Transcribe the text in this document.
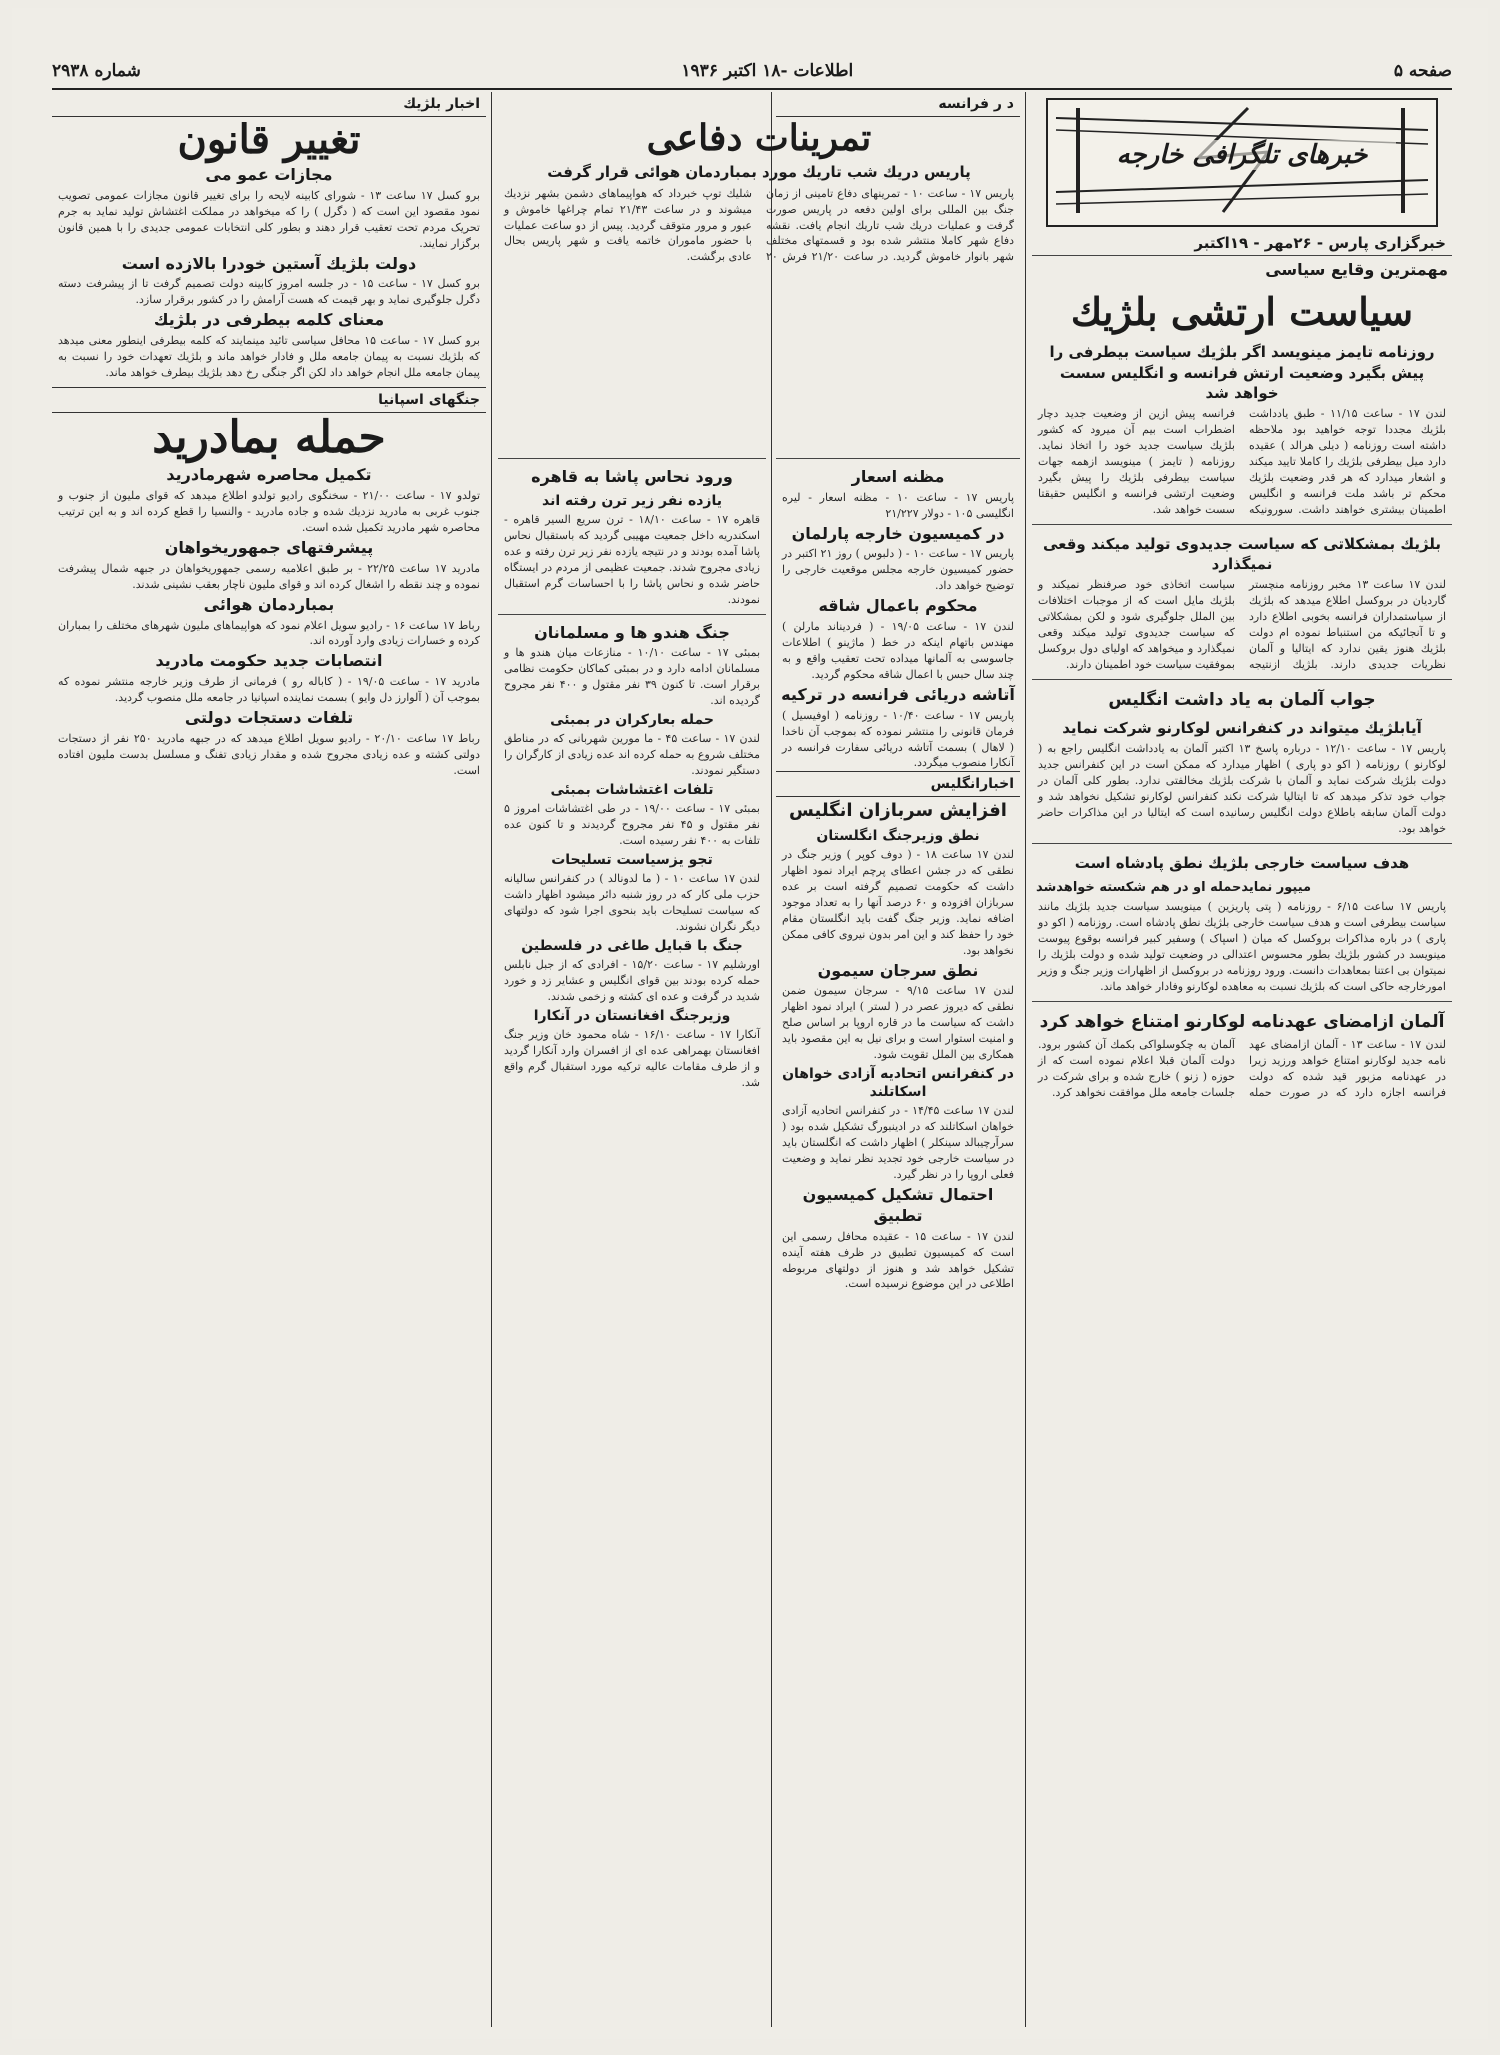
صفحه ۵
اطلاعات -۱۸ اکتبر ۱۹۳۶
شماره ۲۹۳۸
خبرهای تلگرافی خارجه
خبرگزاری پارس - ۲۶مهر - ۱۹اکتبر
مهمترین وقایع سیاسی
سیاست ارتشی بلژیك
روزنامه تایمز مینویسد اگر بلژیك سیاست بیطرفی را پیش بگیرد وضعیت ارتش فرانسه و انگلیس سست خواهد شد
لندن ۱۷ - ساعت ۱۱/۱۵ - طبق یادداشت بلژیك مجددا توجه خواهید بود ملاحظه داشته است روزنامه ( دیلی هرالد ) عقیده دارد میل بیطرفی بلژیك را کاملا تایید میکند و اشعار میدارد که هر قدر وضعیت بلژیك محکم تر باشد ملت فرانسه و انگلیس اطمینان بیشتری خواهند داشت. سورونیکه فرانسه پیش ازین از وضعیت جدید دچار اضطراب است بیم آن میرود که کشور بلژیك سیاست جدید خود را اتخاذ نماید. روزنامه ( تایمز ) مینویسد ازهمه جهات سیاست بیطرفی بلژیك را پیش بگیرد وضعیت ارتشی فرانسه و انگلیس حقیقتا سست خواهد شد.
بلژیك بمشکلاتی که سیاست جدیدوی تولید میکند وقعی نمیگذارد
لندن ۱۷ ساعت ۱۳ مخبر روزنامه منچستر گاردیان در بروکسل اطلاع میدهد که بلژیك از سیاستمداران فرانسه بخوبی اطلاع دارد و تا آنجائیکه من استنباط نموده ام دولت بلژیك هنوز یقین ندارد که ایتالیا و آلمان نظریات جدیدی دارند. بلژیك ازنتیجه سیاست اتخاذی خود صرفنظر نمیکند و بلژیك مایل است که از موجبات اختلافات بین الملل جلوگیری شود و لکن بمشکلاتی که سیاست جدیدوی تولید میکند وقعی نمیگذارد و میخواهد که اولیای دول بروکسل بموفقیت سیاست خود اطمینان دارند.
جواب آلمان به یاد داشت انگلیس
آیابلژیك میتواند در کنفرانس لوکارنو شرکت نماید
پاریس ۱۷ - ساعت ۱۲/۱۰ - درباره پاسخ ۱۳ اکتبر آلمان به یادداشت انگلیس راجع به ( لوکارنو ) روزنامه ( اکو دو پاری ) اظهار میدارد که ممکن است در این کنفرانس جدید دولت بلژیك شرکت نماید و آلمان با شرکت بلژیك مخالفتی ندارد. بطور کلی آلمان در جواب خود تذکر میدهد که تا ایتالیا شرکت نکند کنفرانس لوکارنو تشکیل نخواهد شد و دولت آلمان سابقه باطلاع دولت انگلیس رسانیده است که ایتالیا در این مذاکرات حاضر خواهد بود.
هدف سیاست خارجی بلژیك نطق پادشاه است
میپور نمایدحمله او در هم شکسته خواهدشد
پاریس ۱۷ ساعت ۶/۱۵ - روزنامه ( پتی پاریزین ) مینویسد سیاست جدید بلژیك مانند سیاست بیطرفی است و هدف سیاست خارجی بلژیك نطق پادشاه است. روزنامه ( اکو دو پاری ) در باره مذاکرات بروکسل که میان ( اسپاک ) وسفیر کبیر فرانسه بوقوع پیوست مینویسد در کشور بلژیك بطور محسوس اعتدالی در وضعیت تولید شده و دولت بلژیك را نمیتوان بی اعتنا بمعاهدات دانست. ورود روزنامه در بروکسل از اظهارات وزیر جنگ و وزیر امورخارجه حاکی است که بلژیك نسبت به معاهده لوکارنو وفادار خواهد ماند.
آلمان ازامضای عهدنامه لوکارنو امتناع خواهد کرد
لندن ۱۷ - ساعت ۱۳ - آلمان ازامضای عهد نامه جدید لوکارنو امتناع خواهد ورزید زیرا در عهدنامه مزبور قید شده که دولت فرانسه اجازه دارد که در صورت حمله آلمان به چکوسلواکی بکمك آن کشور برود. دولت آلمان قبلا اعلام نموده است که از حوزه ( زنو ) خارج شده و برای شرکت در جلسات جامعه ملل موافقت نخواهد کرد.
د ر فرانسه
تمرینات دفاعی
پاریس دریك شب تاریك مورد بمباردمان هوائی قرار گرفت
پاریس ۱۷ - ساعت ۱۰ - تمرینهای دفاع تامینی از زمان جنگ بین المللی برای اولین دفعه در پاریس صورت گرفت و عملیات دریك شب تاریك انجام یافت. نقشه دفاع شهر کاملا منتشر شده بود و قسمتهای مختلف شهر بانوار خاموش گردید. در ساعت ۲۱/۲۰ فرش ۲۰ شلیك توپ خبرداد که هواپیماهای دشمن بشهر نزدیك میشوند و در ساعت ۲۱/۴۳ تمام چراغها خاموش و عبور و مرور متوقف گردید. پیس از دو ساعت عملیات با حضور ماموران خاتمه یافت و شهر پاریس بحال عادی برگشت.
مظنه اسعار
پاریس ۱۷ - ساعت ۱۰ - مظنه اسعار - لیره انگلیسی ۱۰۵ - دولار ۲۱/۲۲۷
در کمیسیون خارجه پارلمان
پاریس ۱۷ - ساعت ۱۰ - ( دلبوس ) روز ۲۱ اکتبر در حضور کمیسیون خارجه مجلس موقعیت خارجی را توضیح خواهد داد.
محکوم باعمال شاقه
لندن ۱۷ - ساعت ۱۹/۰۵ - ( فردیناند مارلن ) مهندس باتهام اینکه در خط ( ماژینو ) اطلاعات جاسوسی به آلمانها میداده تحت تعقیب واقع و به چند سال حبس با اعمال شاقه محکوم گردید.
آتاشه دریائی فرانسه در ترکیه
پاریس ۱۷ - ساعت ۱۰/۴۰ - روزنامه ( اوفیسیل ) فرمان قانونی را منتشر نموده که بموجب آن ناخدا ( لاهال ) بسمت آتاشه دریائی سفارت فرانسه در آنکارا منصوب میگردد.
اخبارانگلیس
افزایش سربازان انگلیس
نطق وزیرجنگ انگلستان
لندن ۱۷ ساعت ۱۸ - ( دوف کوپر ) وزیر جنگ در نطقی که در جشن اعطای پرچم ایراد نمود اظهار داشت که حکومت تصمیم گرفته است بر عده سربازان افزوده و ۶۰ درصد آنها را به تعداد موجود اضافه نماید. وزیر جنگ گفت باید انگلستان مقام خود را حفظ کند و این امر بدون نیروی کافی ممکن نخواهد بود.
نطق سرجان سیمون
لندن ۱۷ ساعت ۹/۱۵ - سرجان سیمون ضمن نطقی که دیروز عصر در ( لستر ) ایراد نمود اظهار داشت که سیاست ما در قاره اروپا بر اساس صلح و امنیت استوار است و برای نیل به این مقصود باید همکاری بین الملل تقویت شود.
در کنفرانس اتحادیه آزادی خواهان اسکاتلند
لندن ۱۷ ساعت ۱۴/۴۵ - در کنفرانس اتحادیه آزادی خواهان اسکاتلند که در ادینبورگ تشکیل شده بود ( سرآرچیبالد سینکلر ) اظهار داشت که انگلستان باید در سیاست خارجی خود تجدید نظر نماید و وضعیت فعلی اروپا را در نظر گیرد.
احتمال تشکیل کمیسیون تطبیق
لندن ۱۷ - ساعت ۱۵ - عقیده محافل رسمی این است که کمیسیون تطبیق در ظرف هفته آینده تشکیل خواهد شد و هنوز از دولتهای مربوطه اطلاعی در این موضوع نرسیده است.
ورود نحاس پاشا به قاهره
یازده نفر زیر ترن رفته اند
قاهره ۱۷ - ساعت ۱۸/۱۰ - ترن سریع السیر قاهره - اسکندریه داخل جمعیت مهیبی گردید که باستقبال نحاس پاشا آمده بودند و در نتیجه یازده نفر زیر ترن رفته و عده زیادی مجروح شدند. جمعیت عظیمی از مردم در ایستگاه حاضر شده و نحاس پاشا را با احساسات گرم استقبال نمودند.
جنگ هندو ها و مسلمانان
بمبئی ۱۷ - ساعت ۱۰/۱۰ - منازعات میان هندو ها و مسلمانان ادامه دارد و در بمبئی کماکان حکومت نظامی برقرار است. تا کنون ۳۹ نفر مقتول و ۴۰۰ نفر مجروح گردیده اند.
حمله بعارکران در بمبئی
لندن ۱۷ - ساعت ۴۵ - ما مورین شهربانی که در مناطق مختلف شروع به حمله کرده اند عده زیادی از کارگران را دستگیر نمودند.
تلفات اغتشاشات بمبئی
بمبئی ۱۷ - ساعت ۱۹/۰۰ - در طی اغتشاشات امروز ۵ نفر مقتول و ۴۵ نفر مجروح گردیدند و تا کنون عده تلفات به ۴۰۰ نفر رسیده است.
تجو یزسیاست تسلیحات
لندن ۱۷ ساعت ۱۰ - ( ما لدونالد ) در کنفرانس سالیانه حزب ملی کار که در روز شنبه دائر میشود اظهار داشت که سیاست تسلیحات باید بنحوی اجرا شود که دولتهای دیگر نگران نشوند.
جنگ با قبایل طاغی در فلسطین
اورشلیم ۱۷ - ساعت ۱۵/۲۰ - افرادی که از جبل نابلس حمله کرده بودند بین قوای انگلیس و عشایر زد و خورد شدید در گرفت و عده ای کشته و زخمی شدند.
وزیرجنگ افغانستان در آنکارا
آنکارا ۱۷ - ساعت ۱۶/۱۰ - شاه محمود خان وزیر جنگ افغانستان بهمراهی عده ای از افسران وارد آنکارا گردید و از طرف مقامات عالیه ترکیه مورد استقبال گرم واقع شد.
اخبار بلژیك
تغییر قانون
مجازات عمو می
برو کسل ۱۷ ساعت ۱۳ - شورای کابینه لایحه را برای تغییر قانون مجازات عمومی تصویب نمود مقصود این است که ( دگرل ) را که میخواهد در مملکت اغتشاش تولید نماید به جرم تحریک مردم تحت تعقیب قرار دهند و بطور کلی انتخابات عمومی جدیدی را با همین قانون برگزار نمایند.
دولت بلژیك آستین خودرا بالازده است
برو کسل ۱۷ - ساعت ۱۵ - در جلسه امروز کابینه دولت تصمیم گرفت تا از پیشرفت دسته دگرل جلوگیری نماید و بهر قیمت که هست آرامش را در کشور برقرار سازد.
معنای کلمه بیطرفی در بلژیك
برو کسل ۱۷ - ساعت ۱۵ محافل سیاسی تائید مینمایند که کلمه بیطرفی اینطور معنی میدهد که بلژیك نسبت به پیمان جامعه ملل و فادار خواهد ماند و بلژیك تعهدات خود را نسبت به پیمان جامعه ملل انجام خواهد داد لکن اگر جنگی رخ دهد بلژیك بیطرف خواهد ماند.
جنگهای اسپانیا
حمله بمادرید
تکمیل محاصره شهرمادرید
تولدو ۱۷ - ساعت ۲۱/۰۰ - سخنگوی رادیو تولدو اطلاع میدهد که قوای ملیون از جنوب و جنوب غربی به مادرید نزدیك شده و جاده مادرید - والنسیا را قطع کرده اند و به این ترتیب محاصره شهر مادرید تکمیل شده است.
پیشرفتهای جمهوریخواهان
مادرید ۱۷ ساعت ۲۲/۲۵ - بر طبق اعلامیه رسمی جمهوریخواهان در جبهه شمال پیشرفت نموده و چند نقطه را اشغال کرده اند و قوای ملیون ناچار بعقب نشینی شدند.
بمباردمان هوائی
رباط ۱۷ ساعت ۱۶ - رادیو سویل اعلام نمود که هواپیماهای ملیون شهرهای مختلف را بمباران کرده و خسارات زیادی وارد آورده اند.
انتصابات جدید حکومت مادرید
مادرید ۱۷ - ساعت ۱۹/۰۵ - ( کاباله رو ) فرمانی از طرف وزیر خارجه منتشر نموده که بموجب آن ( آلوارز دل وایو ) بسمت نماینده اسپانیا در جامعه ملل منصوب گردید.
تلفات دستجات دولتی
رباط ۱۷ ساعت ۲۰/۱۰ - رادیو سویل اطلاع میدهد که در جبهه مادرید ۲۵۰ نفر از دستجات دولتی کشته و عده زیادی مجروح شده و مقدار زیادی تفنگ و مسلسل بدست ملیون افتاده است.
